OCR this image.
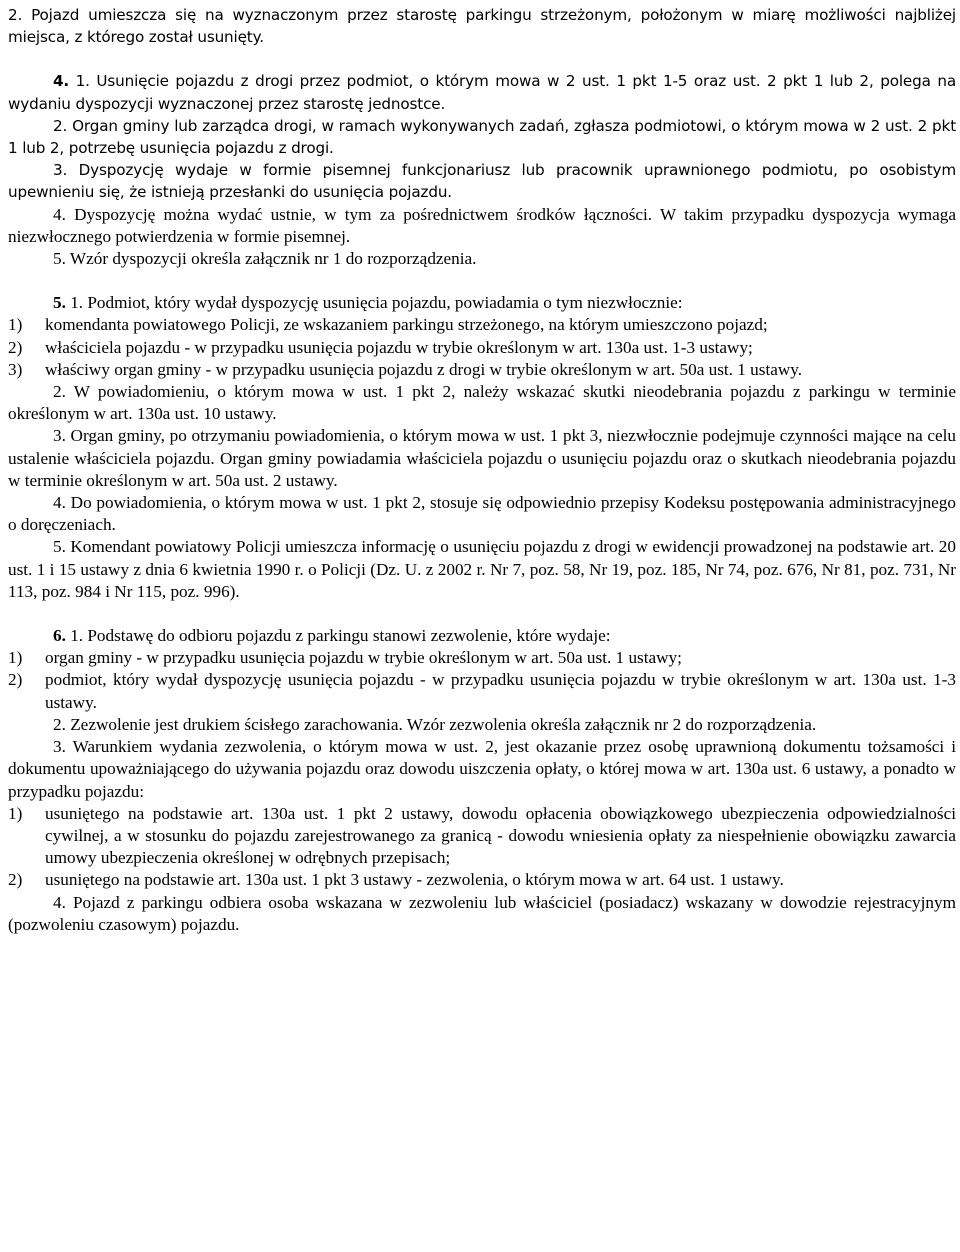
2. Pojazd umieszcza się na wyznaczonym przez starostę parkingu strzeżonym, położonym w miarę możliwości najbliżej miejsca, z którego został usunięty.

4. 1. Usunięcie pojazdu z drogi przez podmiot, o którym mowa w 2 ust. 1 pkt 1-5 oraz ust. 2 pkt 1 lub 2, polega na wydaniu dyspozycji wyznaczonej przez starostę jednostce.

2. Organ gminy lub zarządca drogi, w ramach wykonywanych zadań, zgłasza podmiotowi, o którym mowa w 2 ust. 2 pkt 1 lub 2, potrzebę usunięcia pojazdu z drogi.

3. Dyspozycję wydaje w formie pisemnej funkcjonariusz lub pracownik uprawnionego podmiotu, po osobistym upewnieniu się, że istnieją przesłanki do usunięcia pojazdu.

4. Dyspozycję można wydać ustnie, w tym za pośrednictwem środków łączności. W takim przypadku dyspozycja wymaga niezwłocznego potwierdzenia w formie pisemnej.

5. Wzór dyspozycji określa załącznik nr 1 do rozporządzenia.

5. 1. Podmiot, który wydał dyspozycję usunięcia pojazdu, powiadamia o tym niezwłocznie:

1)	komendanta powiatowego Policji, ze wskazaniem parkingu strzeżonego, na którym umieszczono pojazd;
2)	właściciela pojazdu - w przypadku usunięcia pojazdu w trybie określonym w art. 130a ust. 1-3 ustawy;
3)	właściwy organ gminy - w przypadku usunięcia pojazdu z drogi w trybie określonym w art. 50a ust. 1 ustawy.

2. W powiadomieniu, o którym mowa w ust. 1 pkt 2, należy wskazać skutki nieodebrania pojazdu z parkingu w terminie określonym w art. 130a ust. 10 ustawy.

3. Organ gminy, po otrzymaniu powiadomienia, o którym mowa w ust. 1 pkt 3, niezwłocznie podejmuje czynności mające na celu ustalenie właściciela pojazdu. Organ gminy powiadamia właściciela pojazdu o usunięciu pojazdu oraz o skutkach nieodebrania pojazdu w terminie określonym w art. 50a ust. 2 ustawy.

4. Do powiadomienia, o którym mowa w ust. 1 pkt 2, stosuje się odpowiednio przepisy Kodeksu postępowania administracyjnego o doręczeniach.

5. Komendant powiatowy Policji umieszcza informację o usunięciu pojazdu z drogi w ewidencji prowadzonej na podstawie art. 20 ust. 1 i 15 ustawy z dnia 6 kwietnia 1990 r. o Policji (Dz. U. z 2002 r. Nr 7, poz. 58, Nr 19, poz. 185, Nr 74, poz. 676, Nr 81, poz. 731, Nr 113, poz. 984 i Nr 115, poz. 996).

6. 1. Podstawę do odbioru pojazdu z parkingu stanowi zezwolenie, które wydaje:

1)	organ gminy - w przypadku usunięcia pojazdu w trybie określonym w art. 50a ust. 1 ustawy;
2)	podmiot, który wydał dyspozycję usunięcia pojazdu - w przypadku usunięcia pojazdu w trybie określonym w art. 130a ust. 1-3 ustawy.

2. Zezwolenie jest drukiem ścisłego zarachowania. Wzór zezwolenia określa załącznik nr 2 do rozporządzenia.

3. Warunkiem wydania zezwolenia, o którym mowa w ust. 2, jest okazanie przez osobę uprawnioną dokumentu tożsamości i dokumentu upoważniającego do używania pojazdu oraz dowodu uiszczenia opłaty, o której mowa w art. 130a ust. 6 ustawy, a ponadto w przypadku pojazdu:

1)	usuniętego na podstawie art. 130a ust. 1 pkt 2 ustawy, dowodu opłacenia obowiązkowego ubezpieczenia odpowiedzialności cywilnej, a w stosunku do pojazdu zarejestrowanego za granicą - dowodu wniesienia opłaty za niespełnienie obowiązku zawarcia umowy ubezpieczenia określonej w odrębnych przepisach;
2)	usuniętego na podstawie art. 130a ust. 1 pkt 3 ustawy - zezwolenia, o którym mowa w art. 64 ust. 1 ustawy.

4. Pojazd z parkingu odbiera osoba wskazana w zezwoleniu lub właściciel (posiadacz) wskazany w dowodzie rejestracyjnym (pozwoleniu czasowym) pojazdu.
